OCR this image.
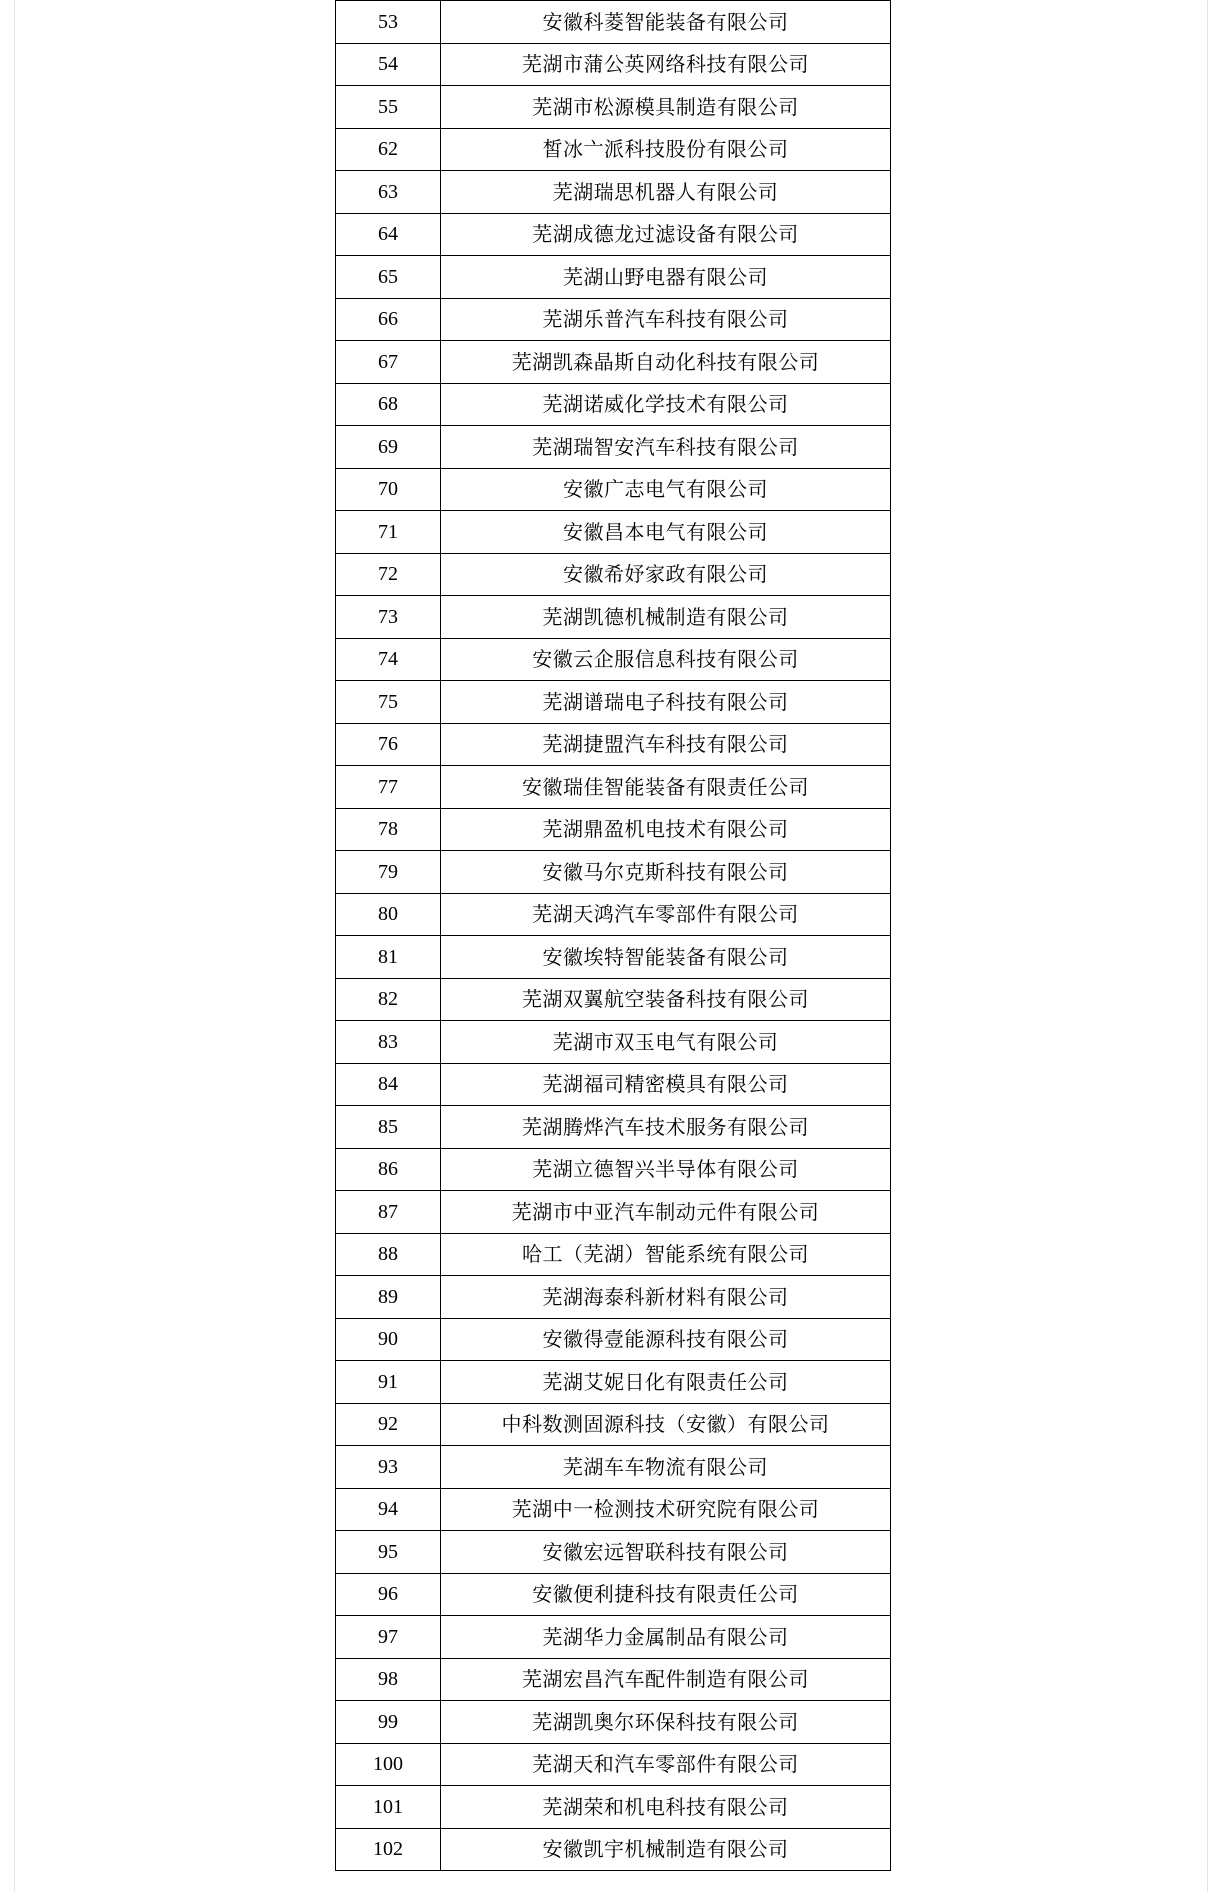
53	安徽科菱智能装备有限公司
54	芜湖市蒲公英网络科技有限公司
55	芜湖市松源模具制造有限公司
62	皙冰亠派科技股份有限公司
63	芜湖瑞思机器人有限公司
64	芜湖成德龙过滤设备有限公司
65	芜湖山野电器有限公司
66	芜湖乐普汽车科技有限公司
67	芜湖凯森晶斯自动化科技有限公司
68	芜湖诺威化学技术有限公司
69	芜湖瑞智安汽车科技有限公司
70	安徽广志电气有限公司
71	安徽昌本电气有限公司
72	安徽希妤家政有限公司
73	芜湖凯德机械制造有限公司
74	安徽云企服信息科技有限公司
75	芜湖谱瑞电子科技有限公司
76	芜湖捷盟汽车科技有限公司
77	安徽瑞佳智能装备有限责任公司
78	芜湖鼎盈机电技术有限公司
79	安徽马尔克斯科技有限公司
80	芜湖天鸿汽车零部件有限公司
81	安徽埃特智能装备有限公司
82	芜湖双翼航空装备科技有限公司
83	芜湖市双玉电气有限公司
84	芜湖福司精密模具有限公司
85	芜湖腾烨汽车技术服务有限公司
86	芜湖立德智兴半导体有限公司
87	芜湖市中亚汽车制动元件有限公司
88	哈工（芜湖）智能系统有限公司
89	芜湖海泰科新材料有限公司
90	安徽得壹能源科技有限公司
91	芜湖艾妮日化有限责任公司
92	中科数测固源科技（安徽）有限公司
93	芜湖车车物流有限公司
94	芜湖中一检测技术研究院有限公司
95	安徽宏远智联科技有限公司
96	安徽便利捷科技有限责任公司
97	芜湖华力金属制品有限公司
98	芜湖宏昌汽车配件制造有限公司
99	芜湖凯奥尔环保科技有限公司
100	芜湖天和汽车零部件有限公司
101	芜湖荣和机电科技有限公司
102	安徽凯宇机械制造有限公司
